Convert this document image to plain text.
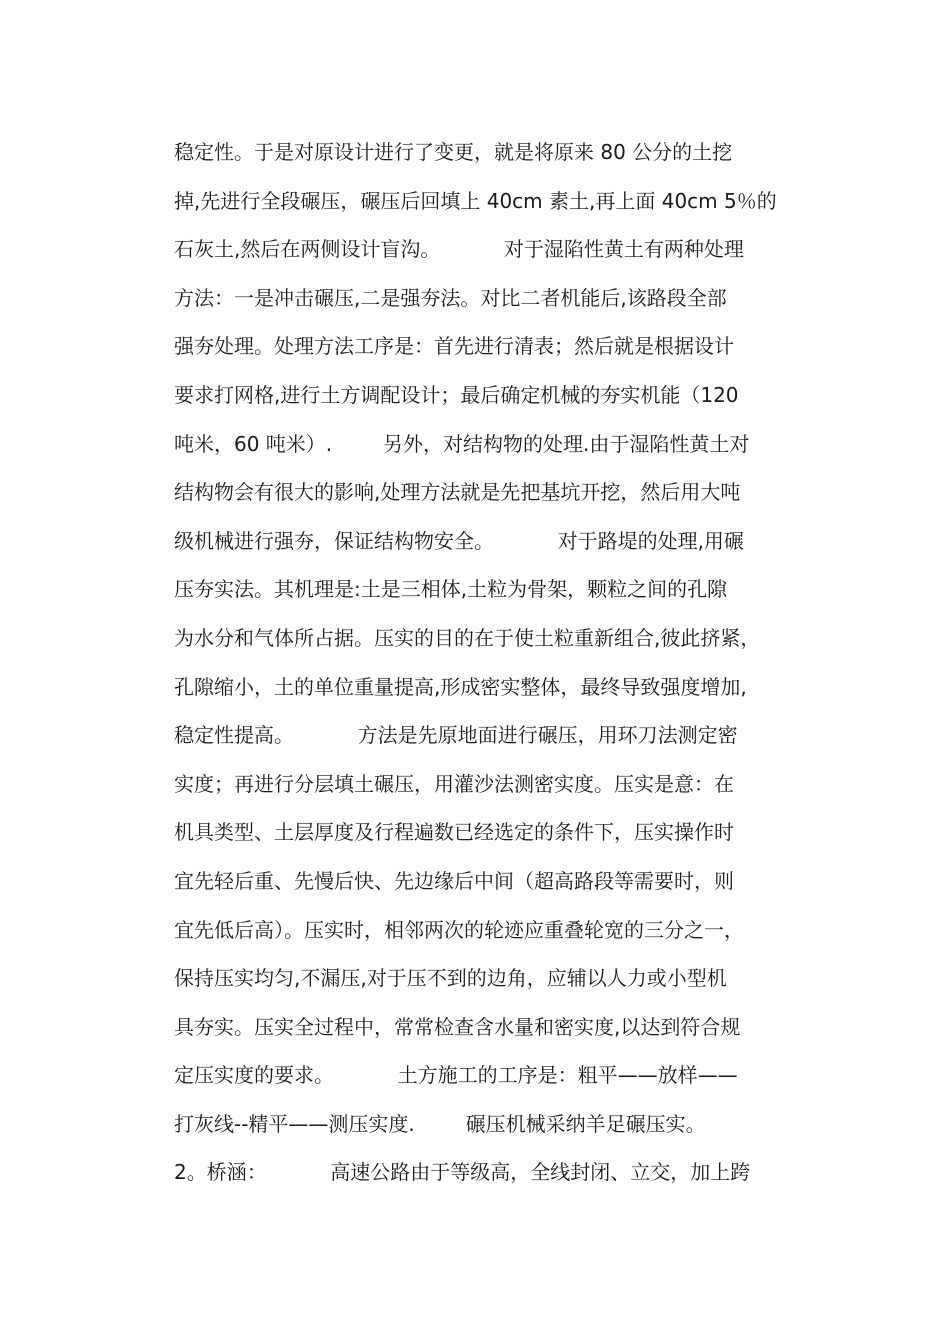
稳定性。于是对原设计进行了变更，就是将原来 80 公分的土挖
掉,先进行全段碾压，碾压后回填上 40cm 素土,再上面 40cm 5％的
石灰土,然后在两侧设计盲沟。          对于湿陷性黄土有两种处理
方法：一是冲击碾压,二是强夯法。对比二者机能后,该路段全部
强夯处理。处理方法工序是：首先进行清表；然后就是根据设计
要求打网格,进行土方调配设计；最后确定机械的夯实机能（120
吨米，60 吨米）.        另外，对结构物的处理.由于湿陷性黄土对
结构物会有很大的影响,处理方法就是先把基坑开挖，然后用大吨
级机械进行强夯，保证结构物安全。          对于路堤的处理,用碾
压夯实法。其机理是:土是三相体,土粒为骨架，颗粒之间的孔隙
为水分和气体所占据。压实的目的在于使土粒重新组合,彼此挤紧，
孔隙缩小，土的单位重量提高,形成密实整体，最终导致强度增加,
稳定性提高。          方法是先原地面进行碾压，用环刀法测定密
实度；再进行分层填土碾压，用灌沙法测密实度。压实是意：在
机具类型、土层厚度及行程遍数已经选定的条件下，压实操作时
宜先轻后重、先慢后快、先边缘后中间（超高路段等需要时，则
宜先低后高）。压实时，相邻两次的轮迹应重叠轮宽的三分之一，
保持压实均匀,不漏压,对于压不到的边角，应辅以人力或小型机
具夯实。压实全过程中，常常检查含水量和密实度,以达到符合规
定压实度的要求。          土方施工的工序是：粗平——放样——
打灰线--精平——测压实度.        碾压机械采纳羊足碾压实。
2。桥涵：          高速公路由于等级高，全线封闭、立交，加上跨
